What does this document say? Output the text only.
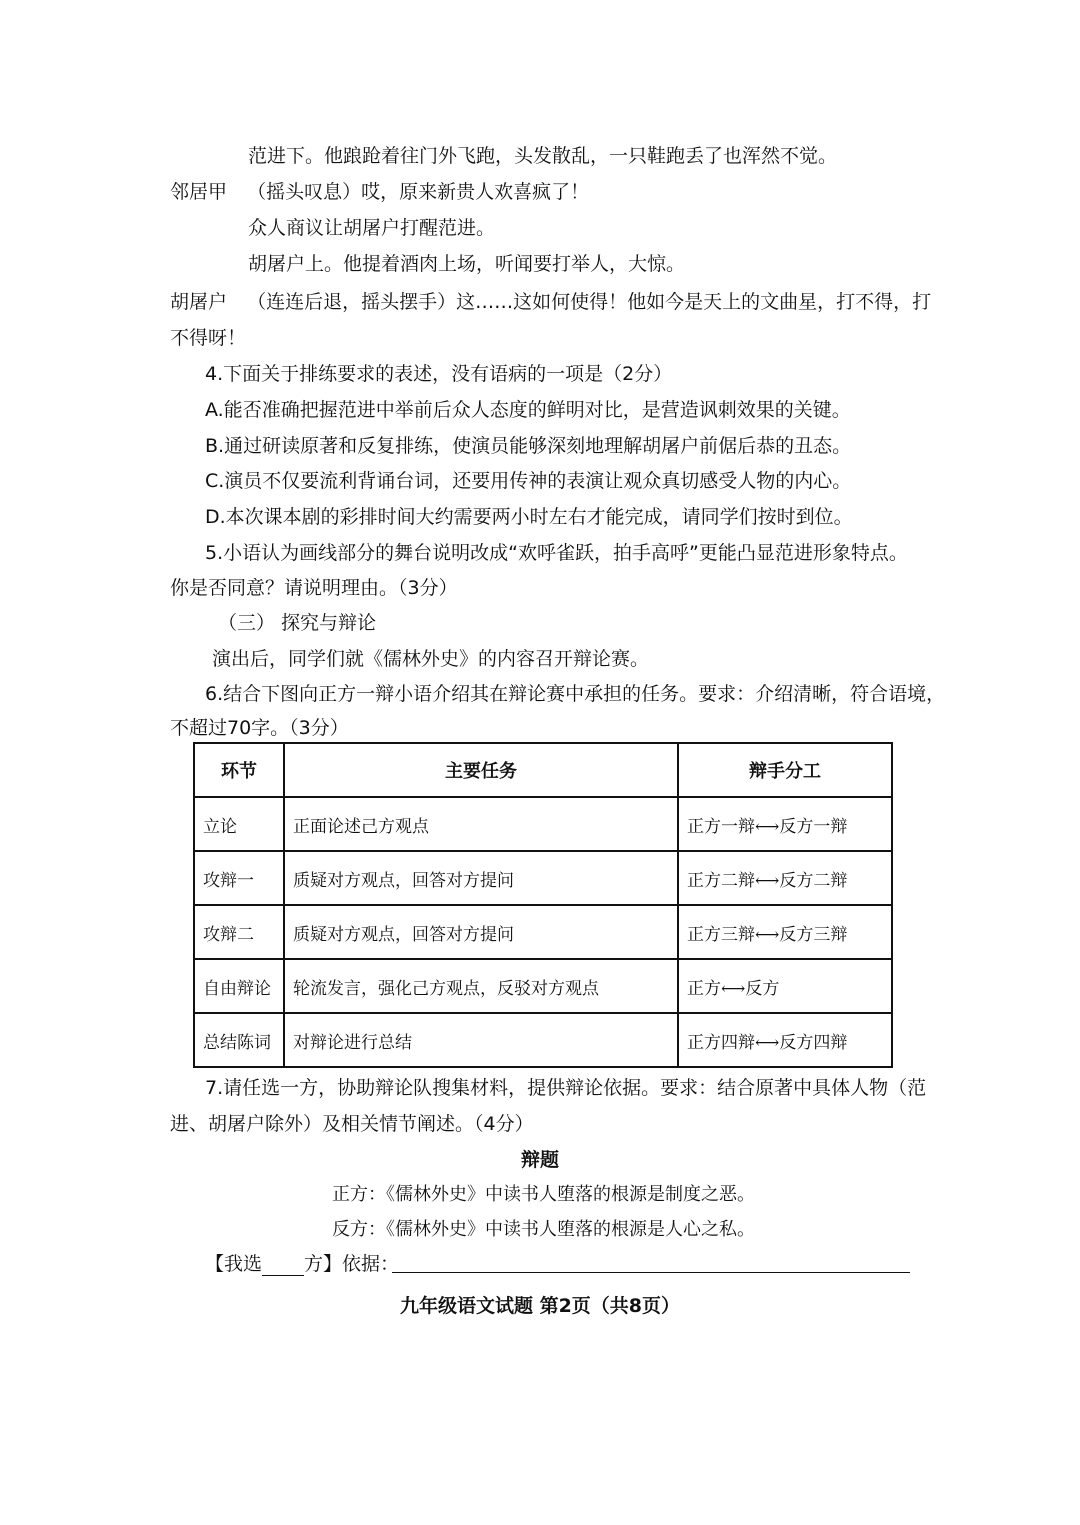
范进下。他踉跄着往门外飞跑，头发散乱，一只鞋跑丢了也浑然不觉。
邻居甲 （摇头叹息）哎，原来新贵人欢喜疯了！
众人商议让胡屠户打醒范进。
胡屠户上。他提着酒肉上场，听闻要打举人，大惊。
胡屠户 （连连后退，摇头摆手）这……这如何使得！他如今是天上的文曲星，打不得，打
不得呀！
4.下面关于排练要求的表述，没有语病的一项是（2分）
A.能否准确把握范进中举前后众人态度的鲜明对比，是营造讽刺效果的关键。
B.通过研读原著和反复排练，使演员能够深刻地理解胡屠户前倨后恭的丑态。
C.演员不仅要流利背诵台词，还要用传神的表演让观众真切感受人物的内心。
D.本次课本剧的彩排时间大约需要两小时左右才能完成，请同学们按时到位。
5.小语认为画线部分的舞台说明改成“欢呼雀跃，拍手高呼”更能凸显范进形象特点。
你是否同意？请说明理由。（3分）
（三） 探究与辩论
演出后，同学们就《儒林外史》的内容召开辩论赛。
6.结合下图向正方一辩小语介绍其在辩论赛中承担的任务。要求：介绍清晰，符合语境，
不超过70字。（3分）
环节	主要任务	辩手分工
立论	正面论述己方观点	正方一辩⟷反方一辩
攻辩一	质疑对方观点，回答对方提问	正方二辩⟷反方二辩
攻辩二	质疑对方观点，回答对方提问	正方三辩⟷反方三辩
自由辩论	轮流发言，强化己方观点，反驳对方观点	正方⟷反方
总结陈词	对辩论进行总结	正方四辩⟷反方四辩
7.请任选一方，协助辩论队搜集材料，提供辩论依据。要求：结合原著中具体人物（范
进、胡屠户除外）及相关情节阐述。（4分）
辩题
正方：《儒林外史》中读书人堕落的根源是制度之恶。
反方：《儒林外史》中读书人堕落的根源是人心之私。
【我选 方】依据：
九年级语文试题 第2页（共8页）
